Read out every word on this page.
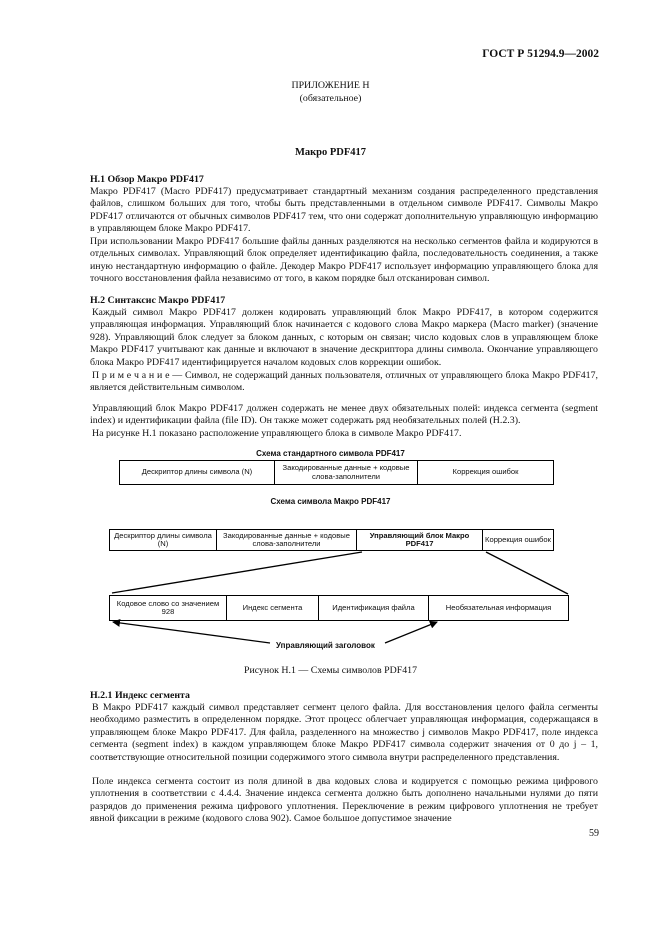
ГОСТ Р 51294.9—2002
ПРИЛОЖЕНИЕ Н
(обязательное)
Макро PDF417
Н.1 Обзор Макро PDF417

Макро PDF417 (Macro PDF417) предусматривает стандартный механизм создания распределенного представления файлов, слишком больших для того, чтобы быть представленными в отдельном символе PDF417. Символы Макро PDF417 отличаются от обычных символов PDF417 тем, что они содержат дополнительную управляющую информацию в управляющем блоке Макро PDF417.

При использовании Макро PDF417 большие файлы данных разделяются на несколько сегментов файла и кодируются в отдельных символах. Управляющий блок определяет идентификацию файла, последовательность соединения, а также иную нестандартную информацию о файле. Декодер Макро PDF417 использует информацию управляющего блока для точного восстановления файла независимо от того, в каком порядке был отсканирован символ.

Н.2 Синтаксис Макро PDF417

Каждый символ Макро PDF417 должен кодировать управляющий блок Макро PDF417, в котором содержится управляющая информация. Управляющий блок начинается с кодового слова Макро маркера (Macro marker) (значение 928). Управляющий блок следует за блоком данных, с которым он связан; число кодовых слов в управляющем блоке Макро PDF417 учитывают как данные и включают в значение дескриптора длины символа. Окончание управляющего блока Макро PDF417 идентифицируется началом кодовых слов коррекции ошибок.

П р и м е ч а н и е — Символ, не содержащий данных пользователя, отличных от управляющего блока Макро PDF417, является действительным символом.

Управляющий блок Макро PDF417 должен содержать не менее двух обязательных полей: индекса сегмента (segment index) и идентификации файла (file ID). Он также может содержать ряд необязательных полей (Н.2.3).

На рисунке Н.1 показано расположение управляющего блока в символе Макро PDF417.

Схема стандартного символа PDF417
Дескриптор длины символа (N)	Закодированные данные + кодовые слова-заполнители	Коррекция ошибок
Схема символа Макро PDF417
Дескриптор длины символа (N)
Закодированные данные + кодовые слова-заполнители
Управляющий блок Макро PDF417	Коррекция ошибок
Кодовое слово со значением 928	Индекс сегмента	Идентификация файла	Необязательная информация
Управляющий заголовок
Рисунок Н.1 — Схемы символов PDF417
Н.2.1 Индекс сегмента

В Макро PDF417 каждый символ представляет сегмент целого файла. Для восстановления целого файла сегменты необходимо разместить в определенном порядке. Этот процесс облегчает управляющая информация, содержащаяся в управляющем блоке Макро PDF417. Для файла, разделенного на множество j символов Макро PDF417, поле индекса сегмента (segment index) в каждом управляющем блоке Макро PDF417 символа содержит значения от 0 до j – 1, соответствующие относительной позиции содержимого этого символа внутри распределенного представления.

Поле индекса сегмента состоит из поля длиной в два кодовых слова и кодируется с помощью режима цифрового уплотнения в соответствии с 4.4.4. Значение индекса сегмента должно быть дополнено начальными нулями до пяти разрядов до применения режима цифрового уплотнения. Переключение в режим цифрового уплотнения не требует явной фиксации в режиме (кодового слова 902). Самое большое допустимое значение

59
